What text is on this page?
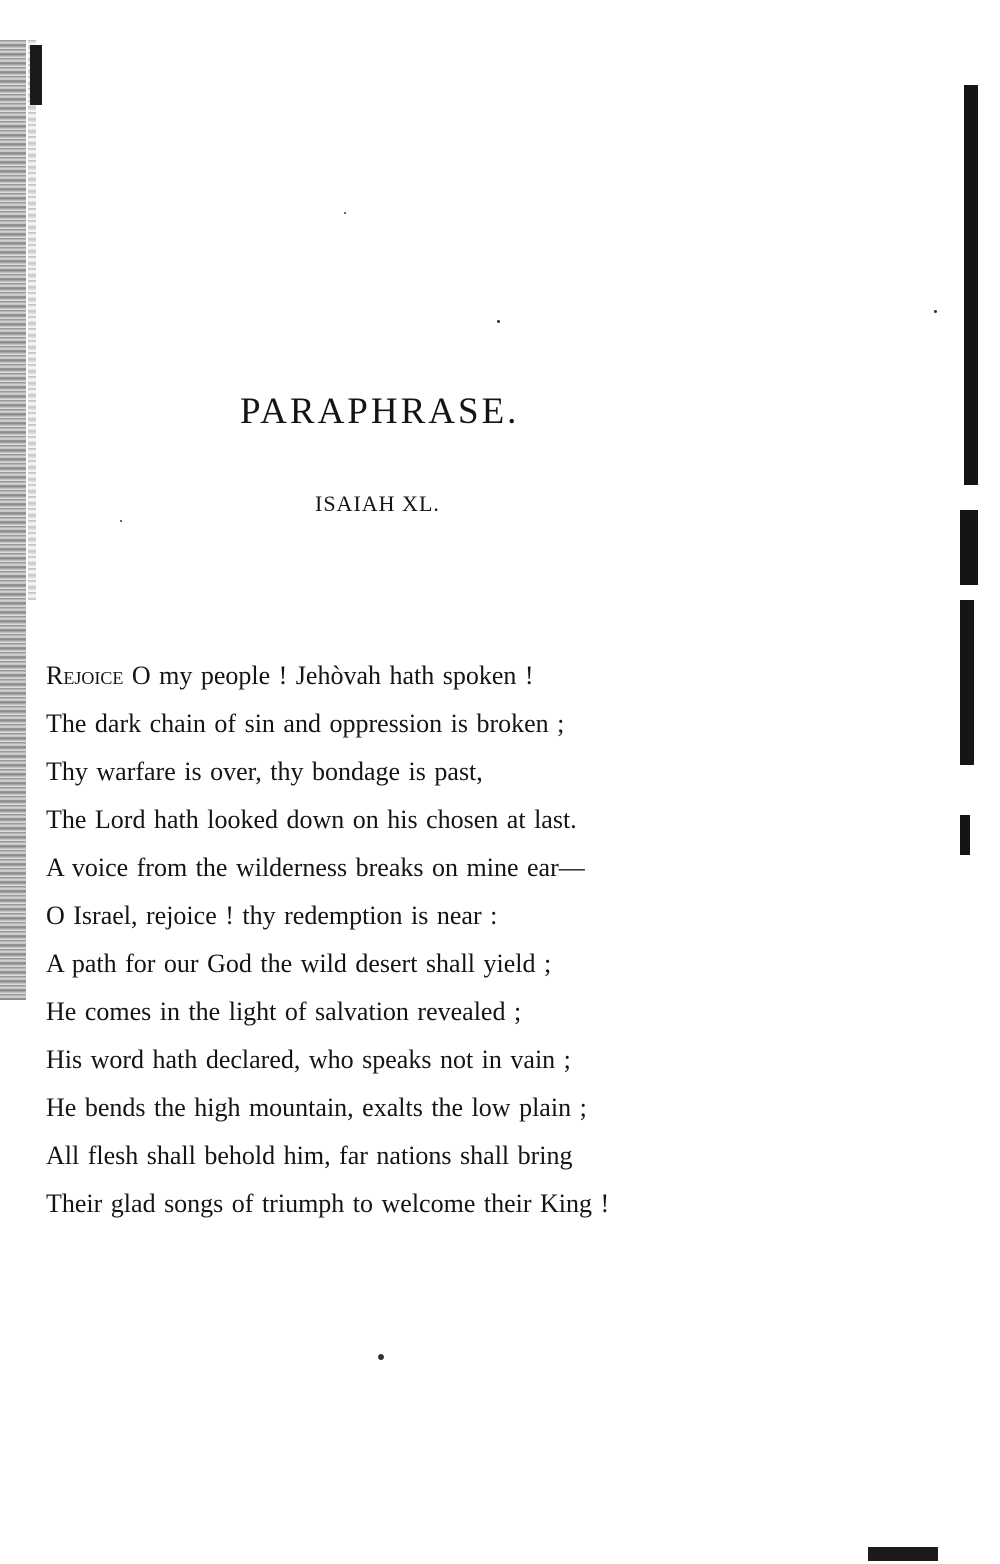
PARAPHRASE.
ISAIAH XL.
Rejoice O my people ! Jehòvah hath spoken !
The dark chain of sin and oppression is broken ;
Thy warfare is over, thy bondage is past,
The Lord hath looked down on his chosen at last.
A voice from the wilderness breaks on mine ear—
O Israel, rejoice ! thy redemption is near :
A path for our God the wild desert shall yield ;
He comes in the light of salvation revealed ;
His word hath declared, who speaks not in vain ;
He bends the high mountain, exalts the low plain ;
All flesh shall behold him, far nations shall bring
Their glad songs of triumph to welcome their King !
